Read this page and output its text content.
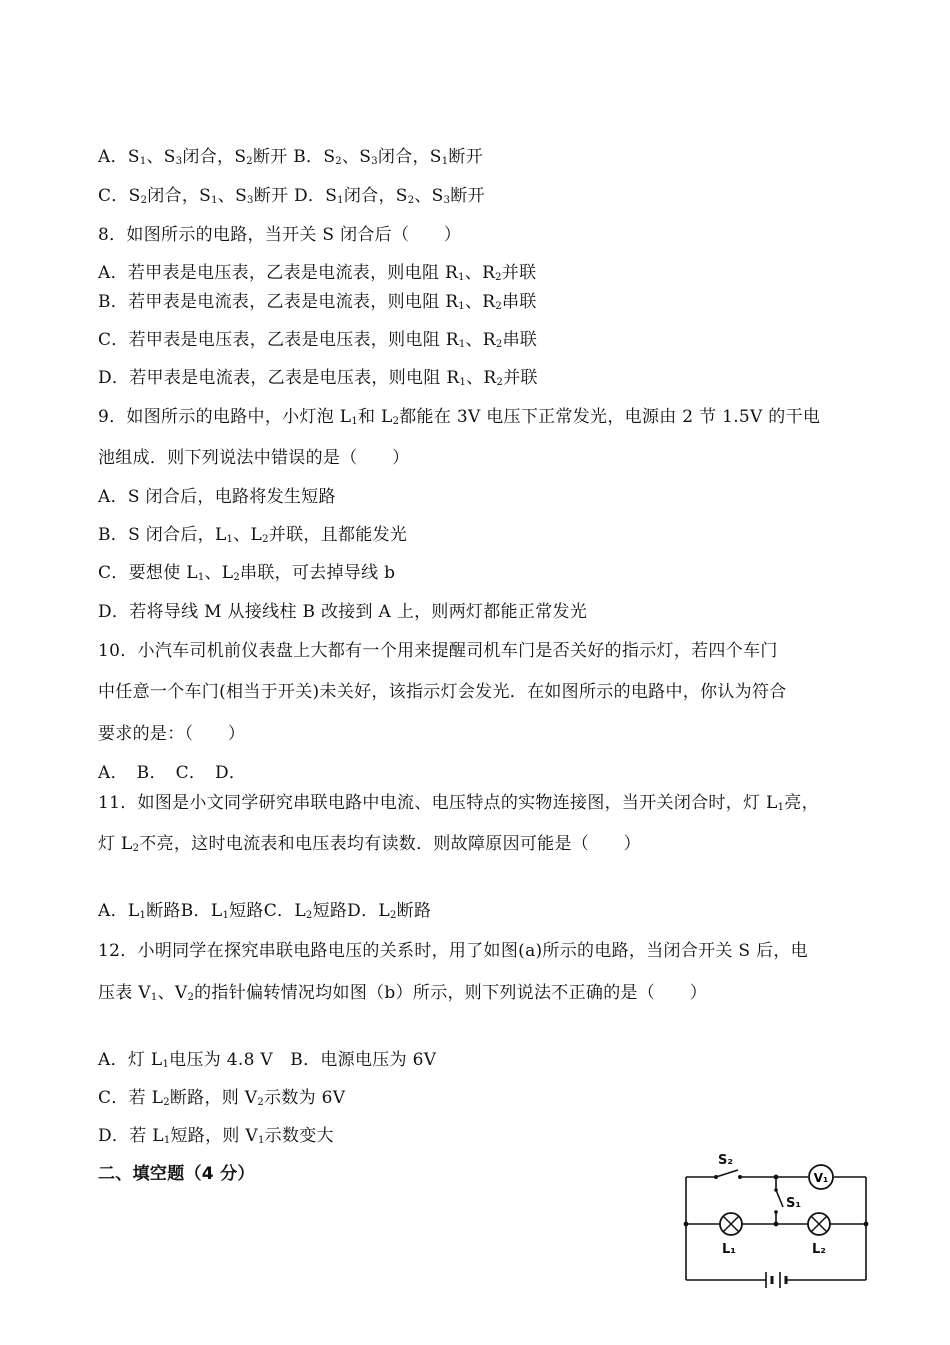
A．$S_1$、$S_3$闭合，$S_2$断开 B．$S_2$、$S_3$闭合，$S_1$断开
C．$S_2$闭合，$S_1$、$S_3$断开 D．$S_1$闭合，$S_2$、$S_3$断开
8．如图所示的电路，当开关 S 闭合后（　　）
A．若甲表是电压表，乙表是电流表，则电阻 $R_1$、$R_2$并联
B．若甲表是电流表，乙表是电流表，则电阻 $R_1$、$R_2$串联
C．若甲表是电压表，乙表是电压表，则电阻 $R_1$、$R_2$串联
D．若甲表是电流表，乙表是电压表，则电阻 $R_1$、$R_2$并联
9．如图所示的电路中，小灯泡 $L_1$和 $L_2$都能在 3V 电压下正常发光，电源由 2 节 1.5V 的干电
池组成．则下列说法中错误的是（　　）
A．S 闭合后，电路将发生短路
B．S 闭合后，$L_1$、$L_2$并联，且都能发光
C．要想使 $L_1$、$L_2$串联，可去掉导线 b
D．若将导线 M 从接线柱 B 改接到 A 上，则两灯都能正常发光
10．小汽车司机前仪表盘上大都有一个用来提醒司机车门是否关好的指示灯，若四个车门
中任意一个车门(相当于开关)未关好，该指示灯会发光．在如图所示的电路中，你认为符合
要求的是：（　　）
A．　B．　C．　D．
11．如图是小文同学研究串联电路中电流、电压特点的实物连接图，当开关闭合时，灯 $L_1$亮，
灯 $L_2$不亮，这时电流表和电压表均有读数．则故障原因可能是（　　）
A．$L_1$断路B．$L_1$短路C．$L_2$短路D．$L_2$断路
12．小明同学在探究串联电路电压的关系时，用了如图(a)所示的电路，当闭合开关 S 后，电
压表 $V_1$、$V_2$的指针偏转情况均如图（b）所示，则下列说法不正确的是（　　）
A．灯 $L_1$电压为 4.8 V　B．电源电压为 6V
C．若 $L_2$断路，则 $V_2$示数为 6V
D．若 $L_1$短路，则 $V_1$示数变大
二、填空题（4 分）	V₁
S₂
S₁
L₁	L₂
